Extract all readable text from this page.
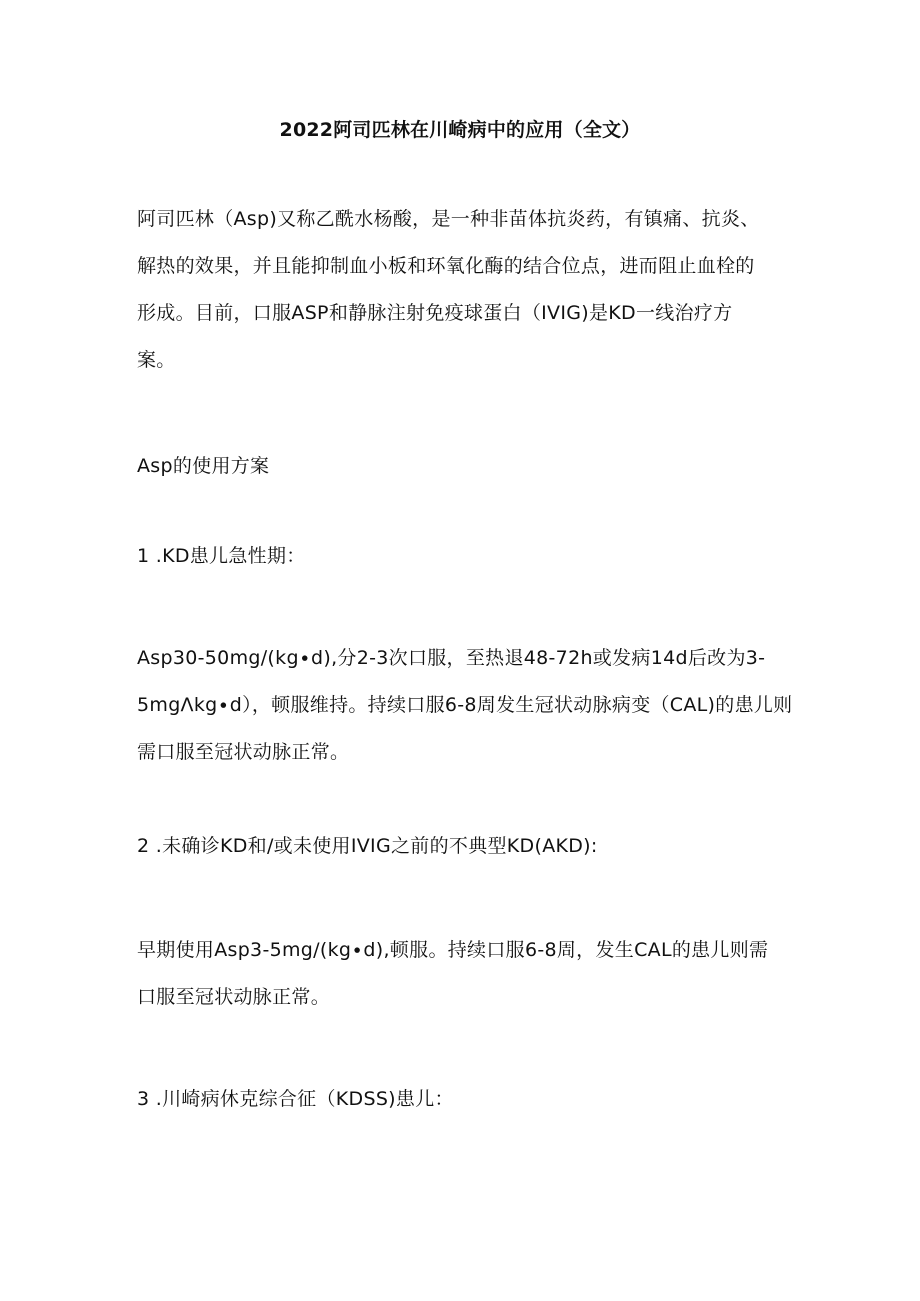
2022阿司匹林在川崎病中的应用（全文）
阿司匹林（Asp)又称乙酰水杨酸，是一种非苗体抗炎药，有镇痛、抗炎、
解热的效果，并且能抑制血小板和环氧化酶的结合位点，进而阻止血栓的
形成。目前，口服ASP和静脉注射免疫球蛋白（IVIG)是KD一线治疗方
案。
Asp的使用方案
1 .KD患儿急性期：
Asp30-50mg∕(kg∙d),分2-3次口服，至热退48-72h或发病14d后改为3-
5mgΛkg∙d），顿服维持。持续口服6-8周发生冠状动脉病变（CAL)的患儿则
需口服至冠状动脉正常。
2 .未确诊KD和/或未使用IVIG之前的不典型KD(AKD):
早期使用Asp3-5mg/(kg∙d),顿服。持续口服6-8周，发生CAL的患儿则需
口服至冠状动脉正常。
3 .川崎病休克综合征（KDSS)患儿：
